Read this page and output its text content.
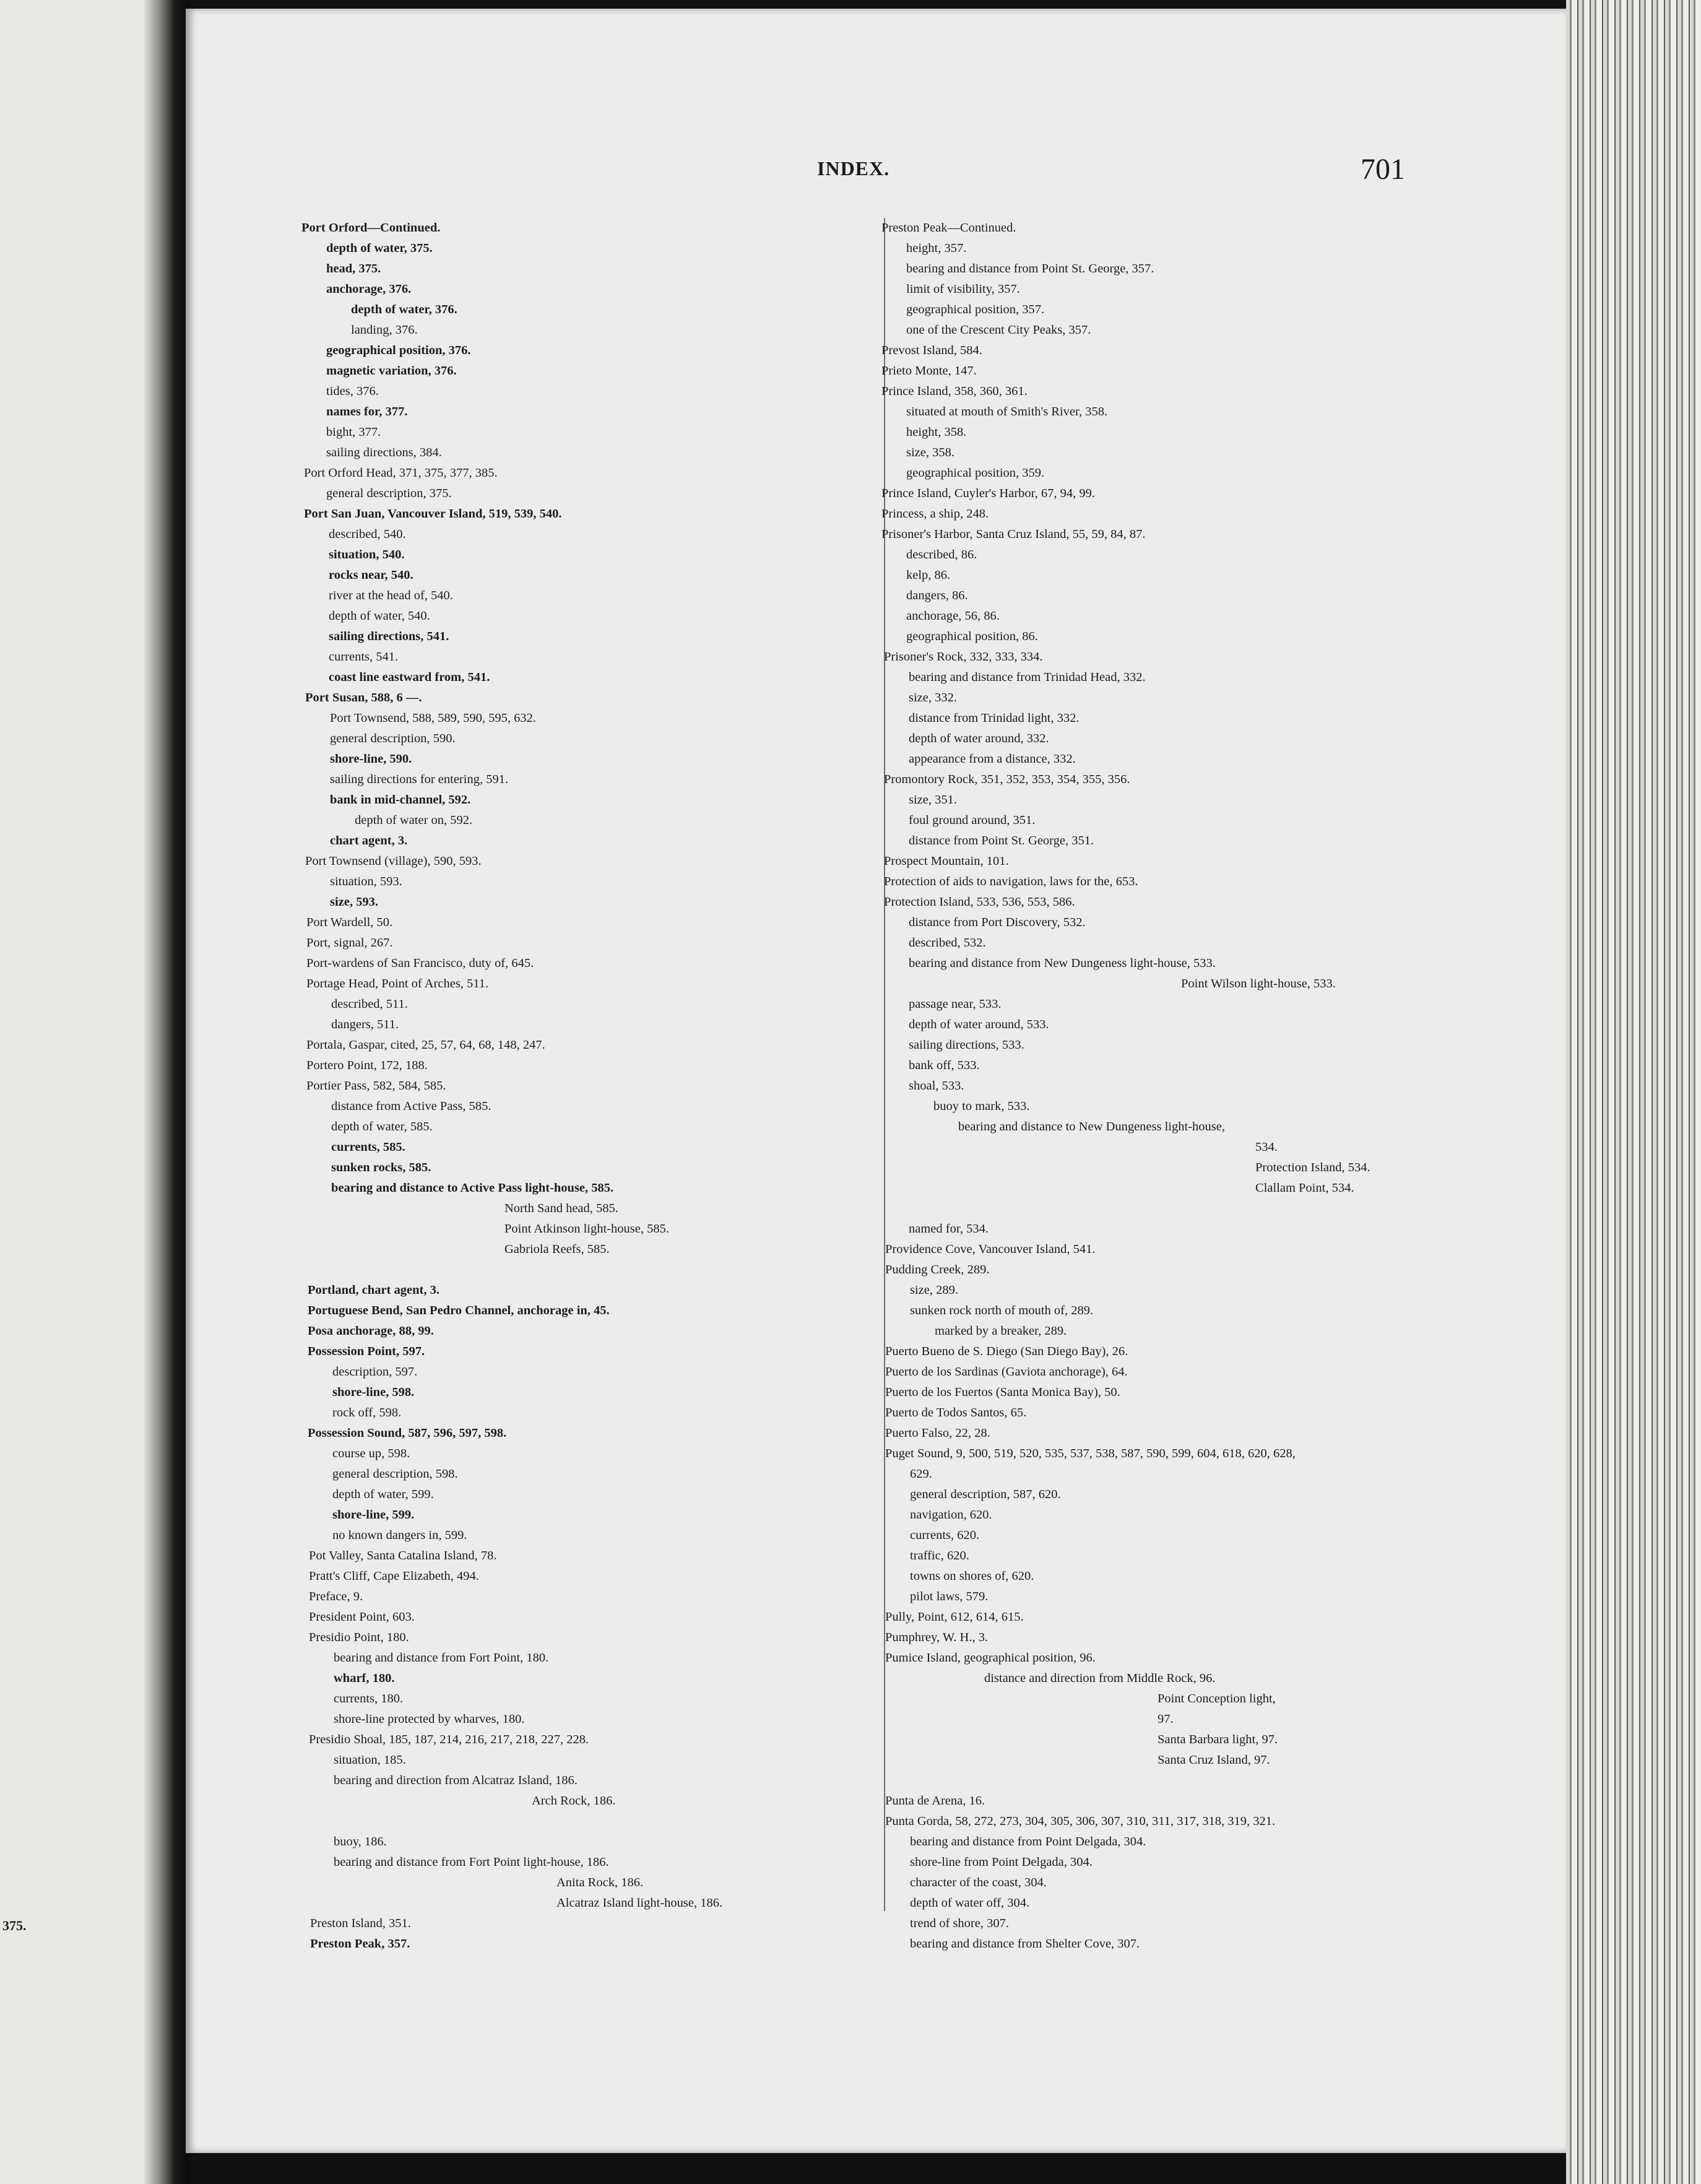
375.
INDEX.	701
Port Orford—Continued.
depth of water, 375.
head, 375.
anchorage, 376.
depth of water, 376.
landing, 376.
geographical position, 376.
magnetic variation, 376.
tides, 376.
names for, 377.
bight, 377.
sailing directions, 384.
Port Orford Head, 371, 375, 377, 385.
general description, 375.
Port San Juan, Vancouver Island, 519, 539, 540.
described, 540.
situation, 540.
rocks near, 540.
river at the head of, 540.
depth of water, 540.
sailing directions, 541.
currents, 541.
coast line eastward from, 541.
Port Susan, 588, 6 —.
Port Townsend, 588, 589, 590, 595, 632.
general description, 590.
shore-line, 590.
sailing directions for entering, 591.
bank in mid-channel, 592.
depth of water on, 592.
chart agent, 3.
Port Townsend (village), 590, 593.
situation, 593.
size, 593.
Port Wardell, 50.
Port, signal, 267.
Port-wardens of San Francisco, duty of, 645.
Portage Head, Point of Arches, 511.
described, 511.
dangers, 511.
Portala, Gaspar, cited, 25, 57, 64, 68, 148, 247.
Portero Point, 172, 188.
Portier Pass, 582, 584, 585.
distance from Active Pass, 585.
depth of water, 585.
currents, 585.
sunken rocks, 585.
bearing and distance to Active Pass light-house, 585.
North Sand head, 585.
Point Atkinson light-house, 585.
Gabriola Reefs, 585.
Portland, chart agent, 3.
Portuguese Bend, San Pedro Channel, anchorage in, 45.
Posa anchorage, 88, 99.
Possession Point, 597.
description, 597.
shore-line, 598.
rock off, 598.
Possession Sound, 587, 596, 597, 598.
course up, 598.
general description, 598.
depth of water, 599.
shore-line, 599.
no known dangers in, 599.
Pot Valley, Santa Catalina Island, 78.
Pratt's Cliff, Cape Elizabeth, 494.
Preface, 9.
President Point, 603.
Presidio Point, 180.
bearing and distance from Fort Point, 180.
wharf, 180.
currents, 180.
shore-line protected by wharves, 180.
Presidio Shoal, 185, 187, 214, 216, 217, 218, 227, 228.
situation, 185.
bearing and direction from Alcatraz Island, 186.
Arch Rock, 186.
buoy, 186.
bearing and distance from Fort Point light-house, 186.
Anita Rock, 186.
Alcatraz Island light-house, 186.
Preston Island, 351.
Preston Peak, 357.
Preston Peak—Continued.
height, 357.
bearing and distance from Point St. George, 357.
limit of visibility, 357.
geographical position, 357.
one of the Crescent City Peaks, 357.
Prevost Island, 584.
Prieto Monte, 147.
Prince Island, 358, 360, 361.
situated at mouth of Smith's River, 358.
height, 358.
size, 358.
geographical position, 359.
Prince Island, Cuyler's Harbor, 67, 94, 99.
Princess, a ship, 248.
Prisoner's Harbor, Santa Cruz Island, 55, 59, 84, 87.
described, 86.
kelp, 86.
dangers, 86.
anchorage, 56, 86.
geographical position, 86.
Prisoner's Rock, 332, 333, 334.
bearing and distance from Trinidad Head, 332.
size, 332.
distance from Trinidad light, 332.
depth of water around, 332.
appearance from a distance, 332.
Promontory Rock, 351, 352, 353, 354, 355, 356.
size, 351.
foul ground around, 351.
distance from Point St. George, 351.
Prospect Mountain, 101.
Protection of aids to navigation, laws for the, 653.
Protection Island, 533, 536, 553, 586.
distance from Port Discovery, 532.
described, 532.
bearing and distance from New Dungeness light-house, 533.
Point Wilson light-house, 533.
passage near, 533.
depth of water around, 533.
sailing directions, 533.
bank off, 533.
shoal, 533.
buoy to mark, 533.
bearing and distance to New Dungeness light-house,
534.
Protection Island, 534.
Clallam Point, 534.
named for, 534.
Providence Cove, Vancouver Island, 541.
Pudding Creek, 289.
size, 289.
sunken rock north of mouth of, 289.
marked by a breaker, 289.
Puerto Bueno de S. Diego (San Diego Bay), 26.
Puerto de los Sardinas (Gaviota anchorage), 64.
Puerto de los Fuertos (Santa Monica Bay), 50.
Puerto de Todos Santos, 65.
Puerto Falso, 22, 28.
Puget Sound, 9, 500, 519, 520, 535, 537, 538, 587, 590, 599, 604, 618, 620, 628,
629.
general description, 587, 620.
navigation, 620.
currents, 620.
traffic, 620.
towns on shores of, 620.
pilot laws, 579.
Pully, Point, 612, 614, 615.
Pumphrey, W. H., 3.
Pumice Island, geographical position, 96.
distance and direction from Middle Rock, 96.
Point Conception light,
97.
Santa Barbara light, 97.
Santa Cruz Island, 97.
Punta de Arena, 16.
Punta Gorda, 58, 272, 273, 304, 305, 306, 307, 310, 311, 317, 318, 319, 321.
bearing and distance from Point Delgada, 304.
shore-line from Point Delgada, 304.
character of the coast, 304.
depth of water off, 304.
trend of shore, 307.
bearing and distance from Shelter Cove, 307.
